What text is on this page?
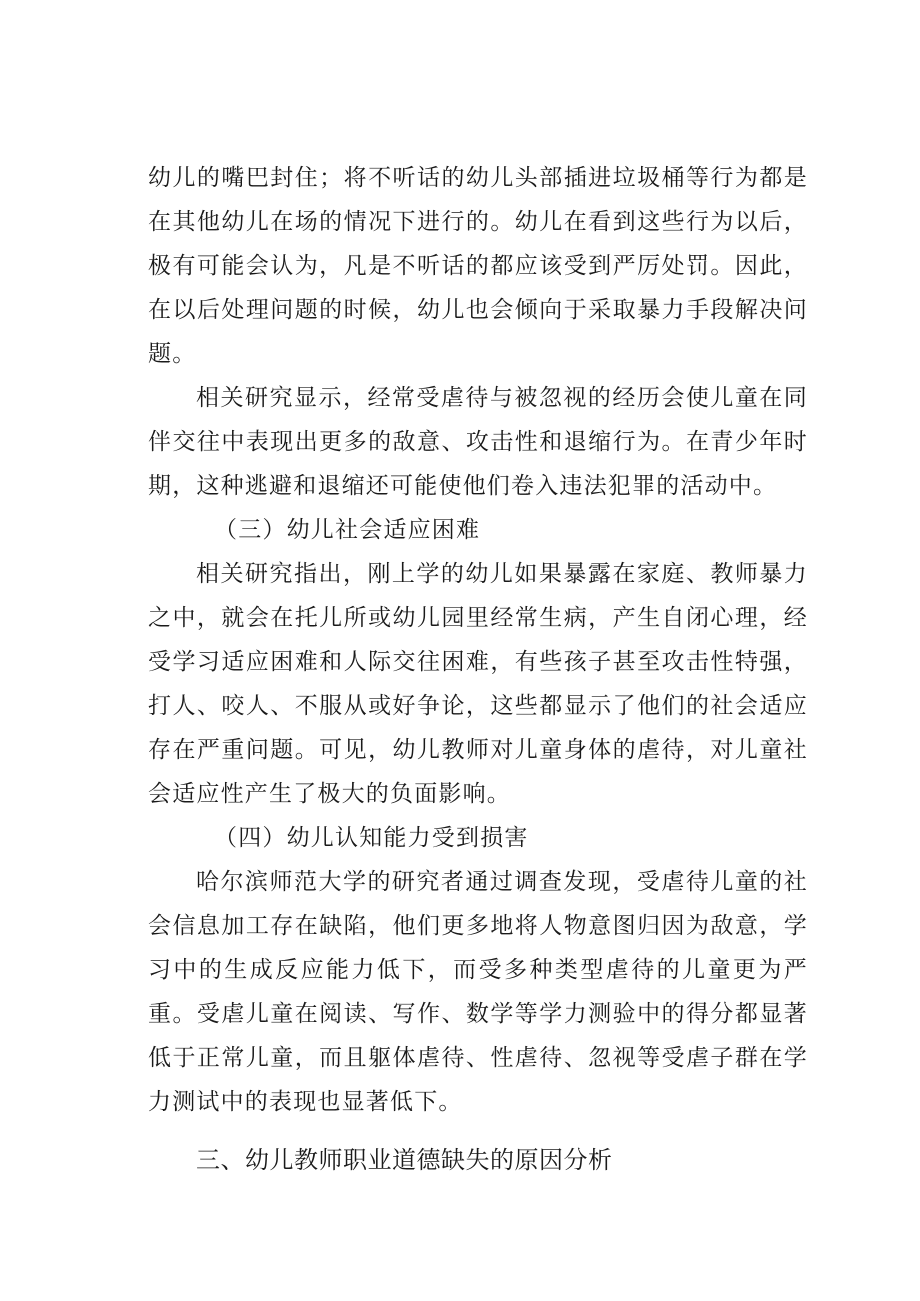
幼儿的嘴巴封住；将不听话的幼儿头部插进垃圾桶等行为都是在其他幼儿在场的情况下进行的。幼儿在看到这些行为以后，极有可能会认为，凡是不听话的都应该受到严厉处罚。因此，在以后处理问题的时候，幼儿也会倾向于采取暴力手段解决问题。

相关研究显示，经常受虐待与被忽视的经历会使儿童在同伴交往中表现出更多的敌意、攻击性和退缩行为。在青少年时期，这种逃避和退缩还可能使他们卷入违法犯罪的活动中。

（三）幼儿社会适应困难

相关研究指出，刚上学的幼儿如果暴露在家庭、教师暴力之中，就会在托儿所或幼儿园里经常生病，产生自闭心理，经受学习适应困难和人际交往困难，有些孩子甚至攻击性特强，打人、咬人、不服从或好争论，这些都显示了他们的社会适应存在严重问题。可见，幼儿教师对儿童身体的虐待，对儿童社会适应性产生了极大的负面影响。

（四）幼儿认知能力受到损害

哈尔滨师范大学的研究者通过调查发现，受虐待儿童的社会信息加工存在缺陷，他们更多地将人物意图归因为敌意，学习中的生成反应能力低下，而受多种类型虐待的儿童更为严重。受虐儿童在阅读、写作、数学等学力测验中的得分都显著低于正常儿童，而且躯体虐待、性虐待、忽视等受虐子群在学力测试中的表现也显著低下。

三、幼儿教师职业道德缺失的原因分析
